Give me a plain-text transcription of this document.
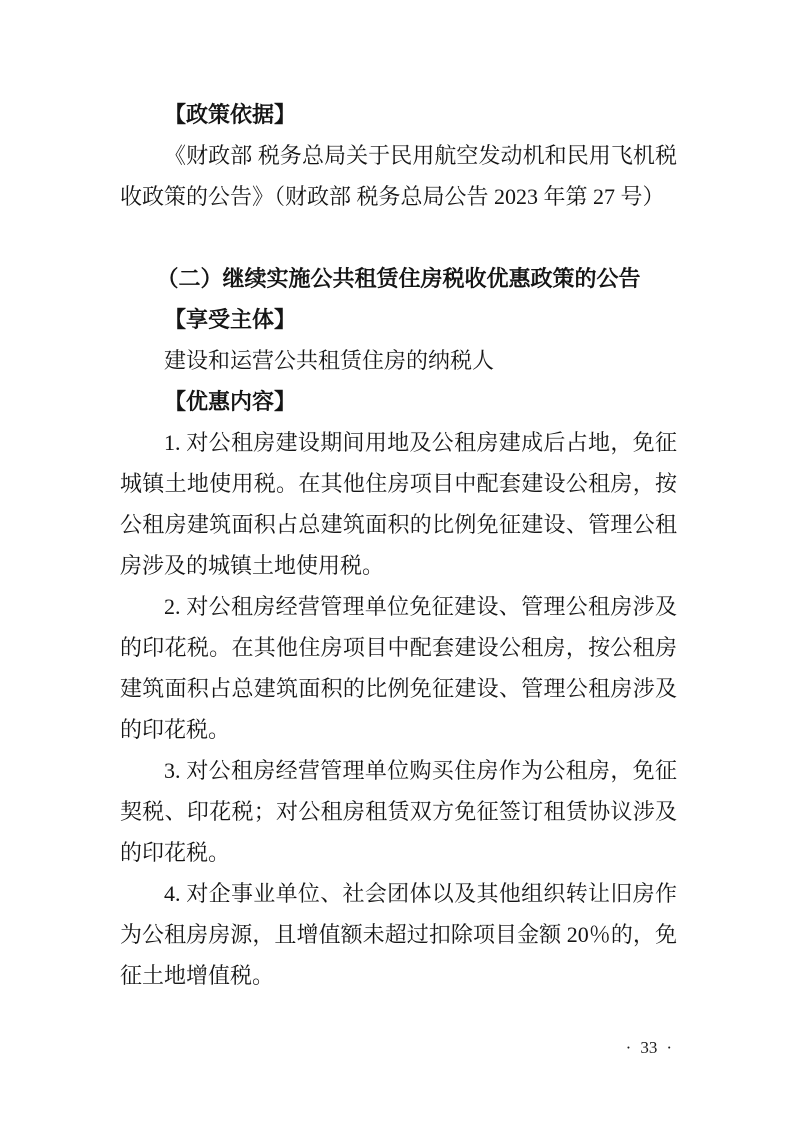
【政策依据】

《财政部 税务总局关于民用航空发动机和民用飞机税收政策的公告》（财政部 税务总局公告 2023 年第 27 号）

（二）继续实施公共租赁住房税收优惠政策的公告

【享受主体】

建设和运营公共租赁住房的纳税人

【优惠内容】

1. 对公租房建设期间用地及公租房建成后占地，免征城镇土地使用税。在其他住房项目中配套建设公租房，按公租房建筑面积占总建筑面积的比例免征建设、管理公租房涉及的城镇土地使用税。

2. 对公租房经营管理单位免征建设、管理公租房涉及的印花税。在其他住房项目中配套建设公租房，按公租房建筑面积占总建筑面积的比例免征建设、管理公租房涉及的印花税。

3. 对公租房经营管理单位购买住房作为公租房，免征契税、印花税；对公租房租赁双方免征签订租赁协议涉及的印花税。

4. 对企事业单位、社会团体以及其他组织转让旧房作为公租房房源，且增值额未超过扣除项目金额 20％的，免征土地增值税。

· 33 ·
